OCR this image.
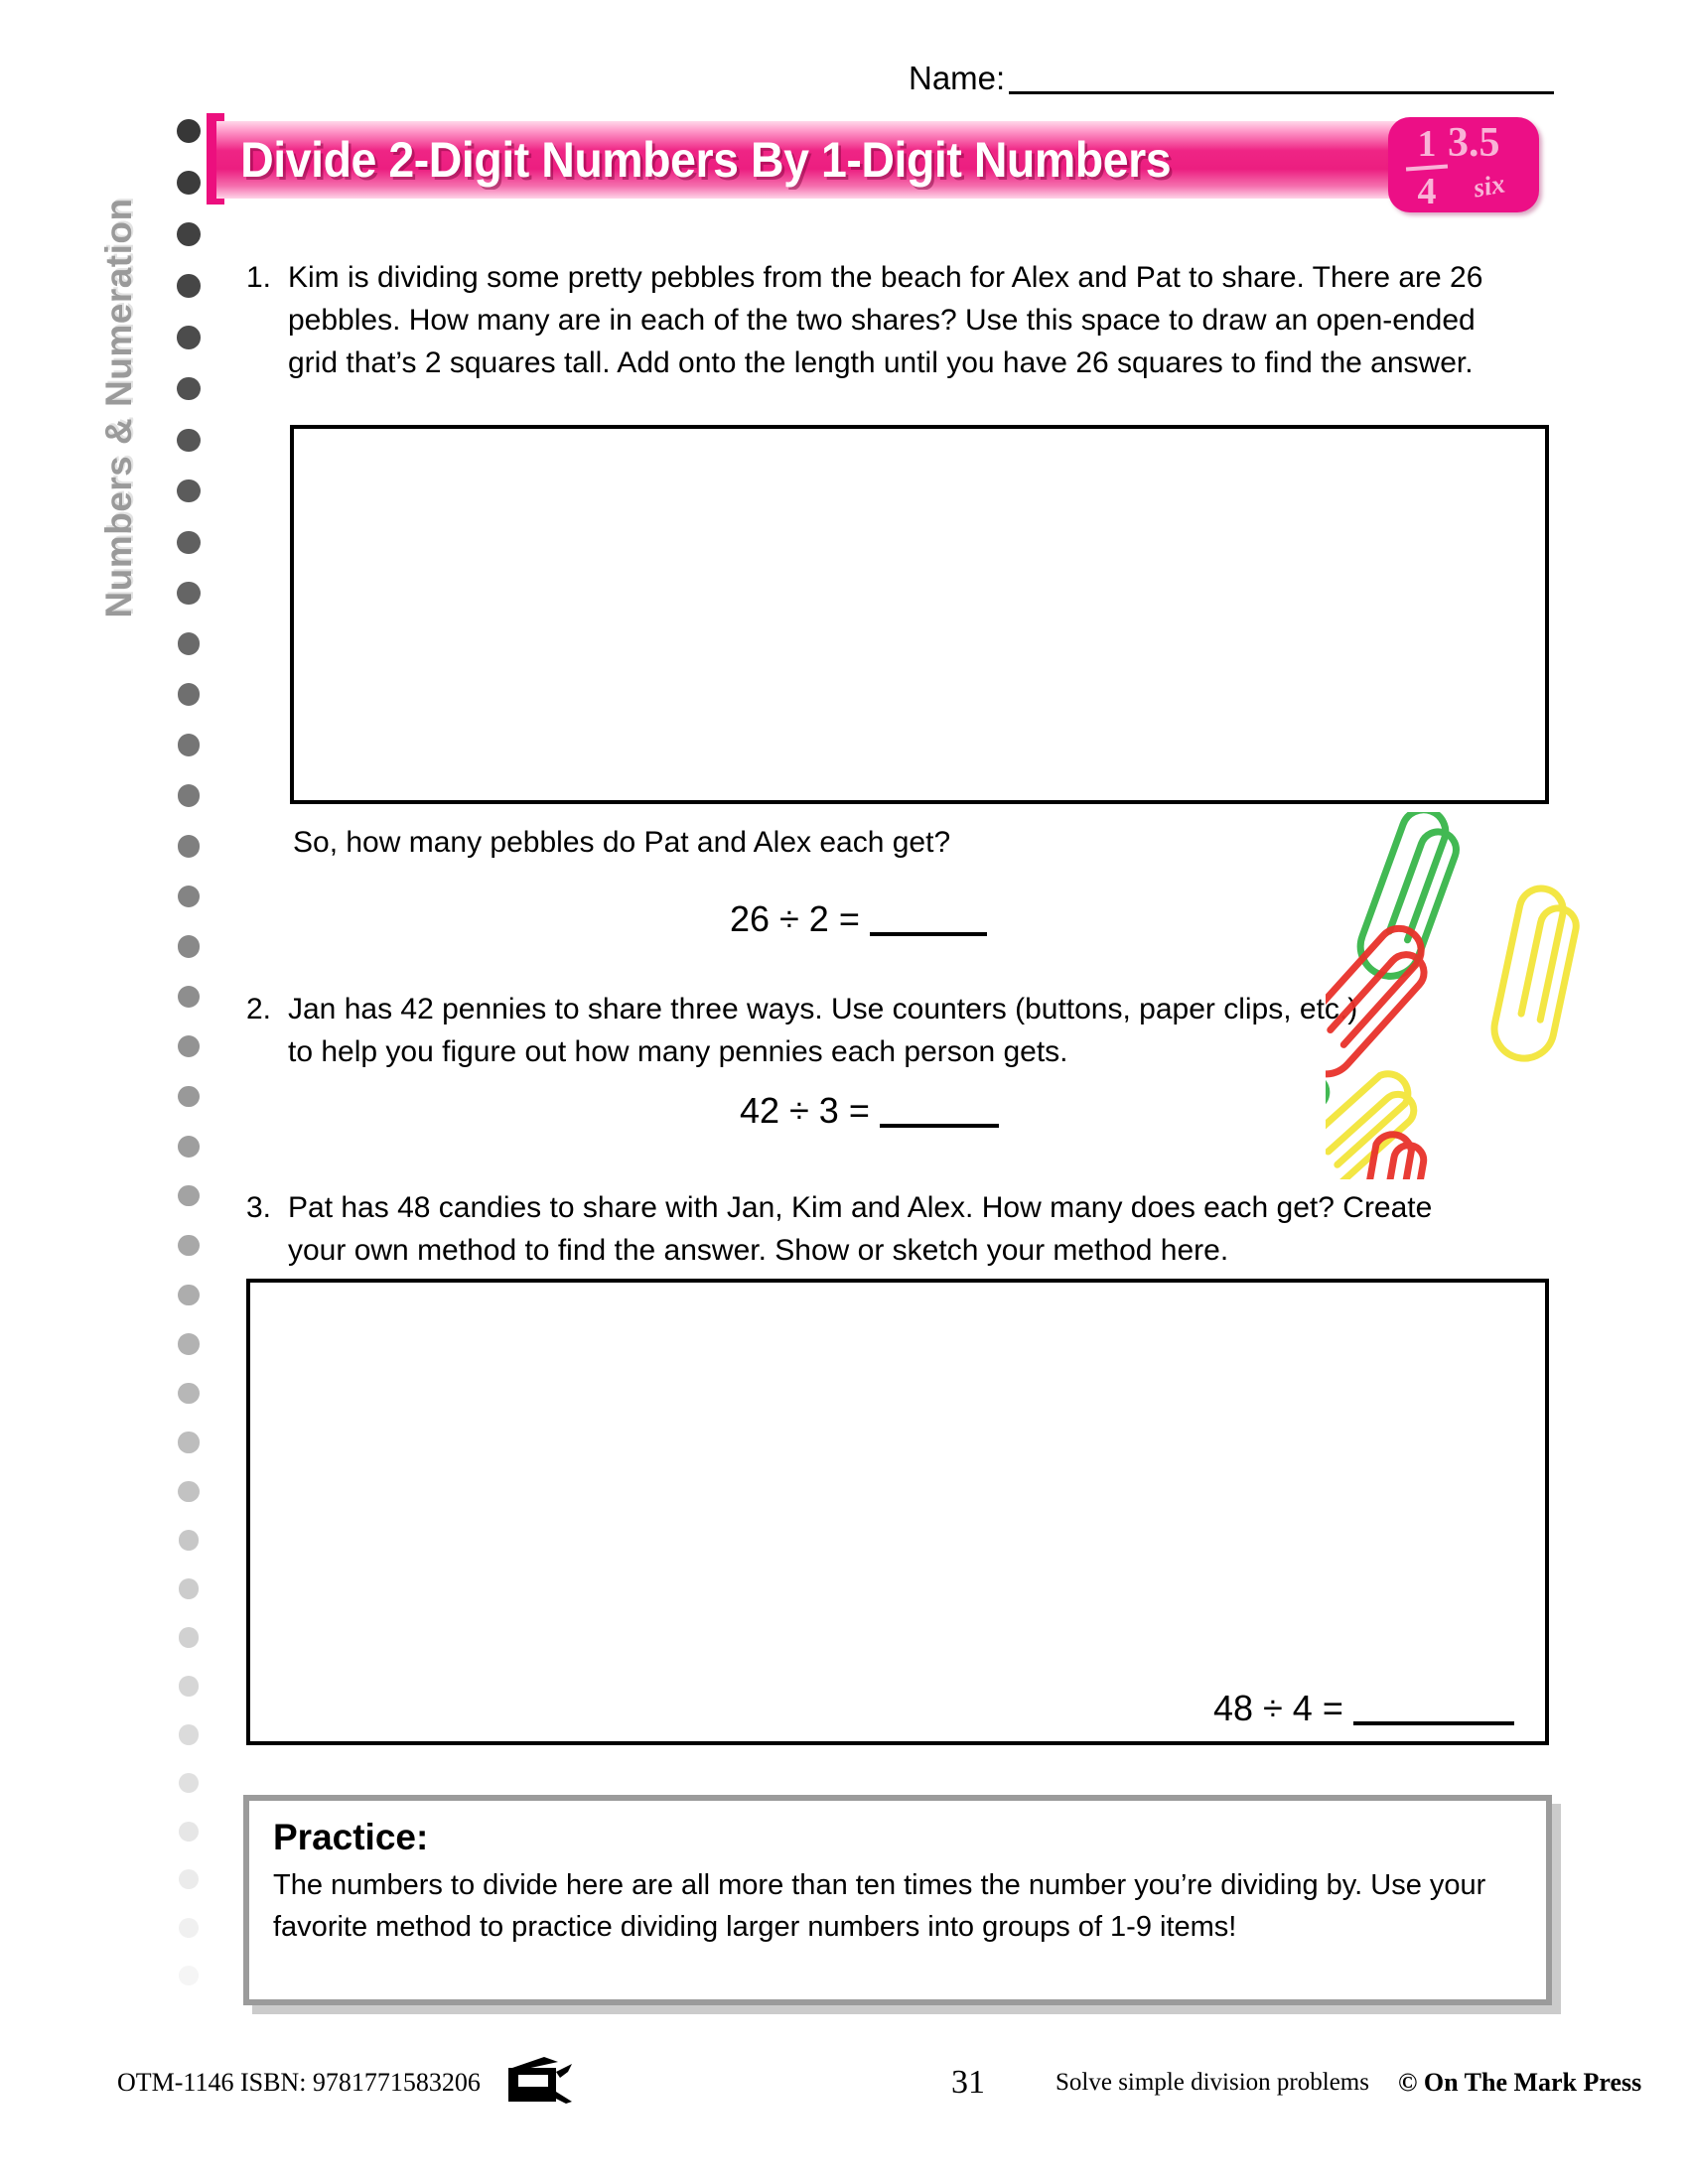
Numbers & Numeration
Name:
Divide 2-Digit Numbers By 1-Digit Numbers	1
4
3.5
six
1. Kim is dividing some pretty pebbles from the beach for Alex and Pat to share. There are 26 pebbles. How many are in each of the two shares? Use this space to draw an open-ended grid that’s 2 squares tall. Add onto the length until you have 26 squares to find the answer.
So, how many pebbles do Pat and Alex each get?
26 ÷ 2 =
2. Jan has 42 pennies to share three ways. Use counters (buttons, paper clips, etc.) to help you figure out how many pennies each person gets.
42 ÷ 3 =
3. Pat has 48 candies to share with Jan, Kim and Alex. How many does each get? Create your own method to find the answer. Show or sketch your method here.
48 ÷ 4 =
Practice:
The numbers to divide here are all more than ten times the number you’re dividing by. Use your favorite method to practice dividing larger numbers into groups of 1-9 items!
OTM-1146 ISBN: 9781771583206	31	Solve simple division problems © On The Mark Press
